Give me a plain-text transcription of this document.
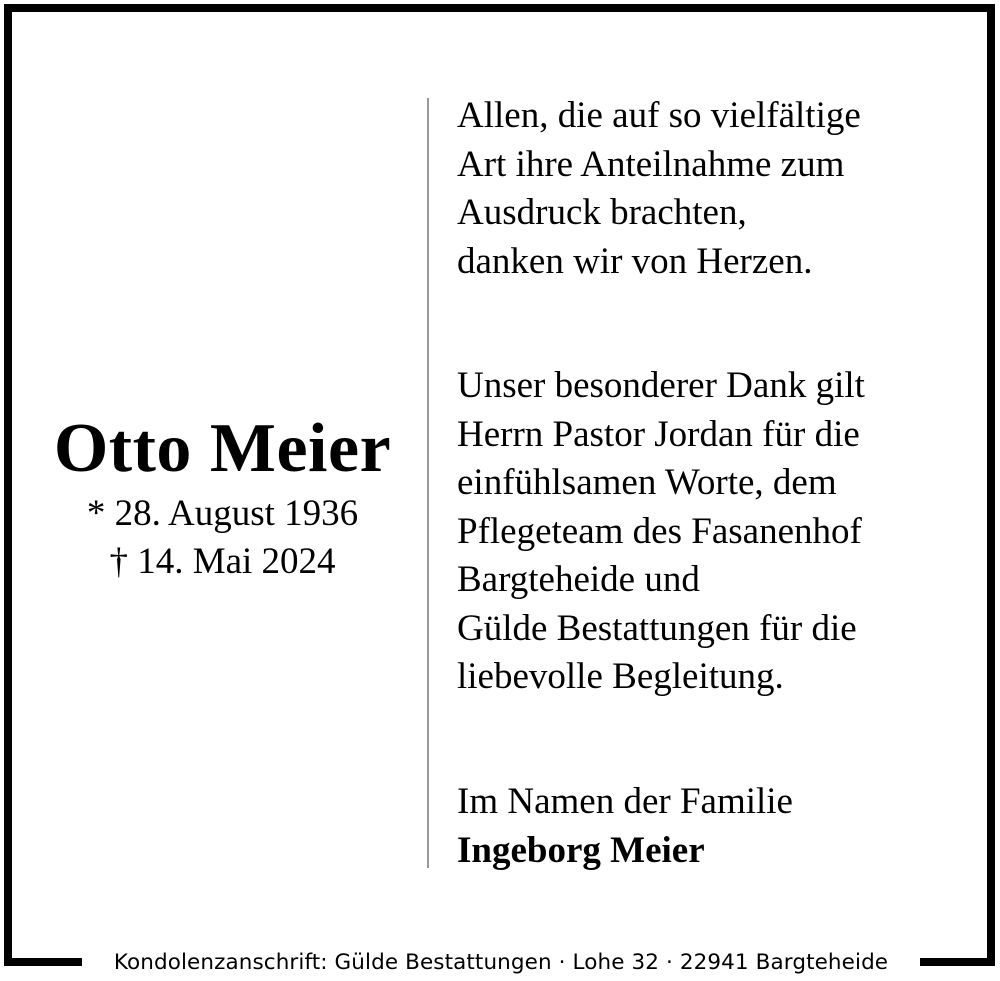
Kondolenzanschrift: Gülde Bestattungen · Lohe 32 · 22941 Bargteheide
Otto Meier
* 28. August 1936
† 14. Mai 2024
Allen, die auf so vielfältige
Art ihre Anteilnahme zum
Ausdruck brachten,
danken wir von Herzen.
Unser besonderer Dank gilt
Herrn Pastor Jordan für die
einfühlsamen Worte, dem
Pflegeteam des Fasanenhof
Bargteheide und
Gülde Bestattungen für die
liebevolle Begleitung.
Im Namen der Familie
Ingeborg Meier
